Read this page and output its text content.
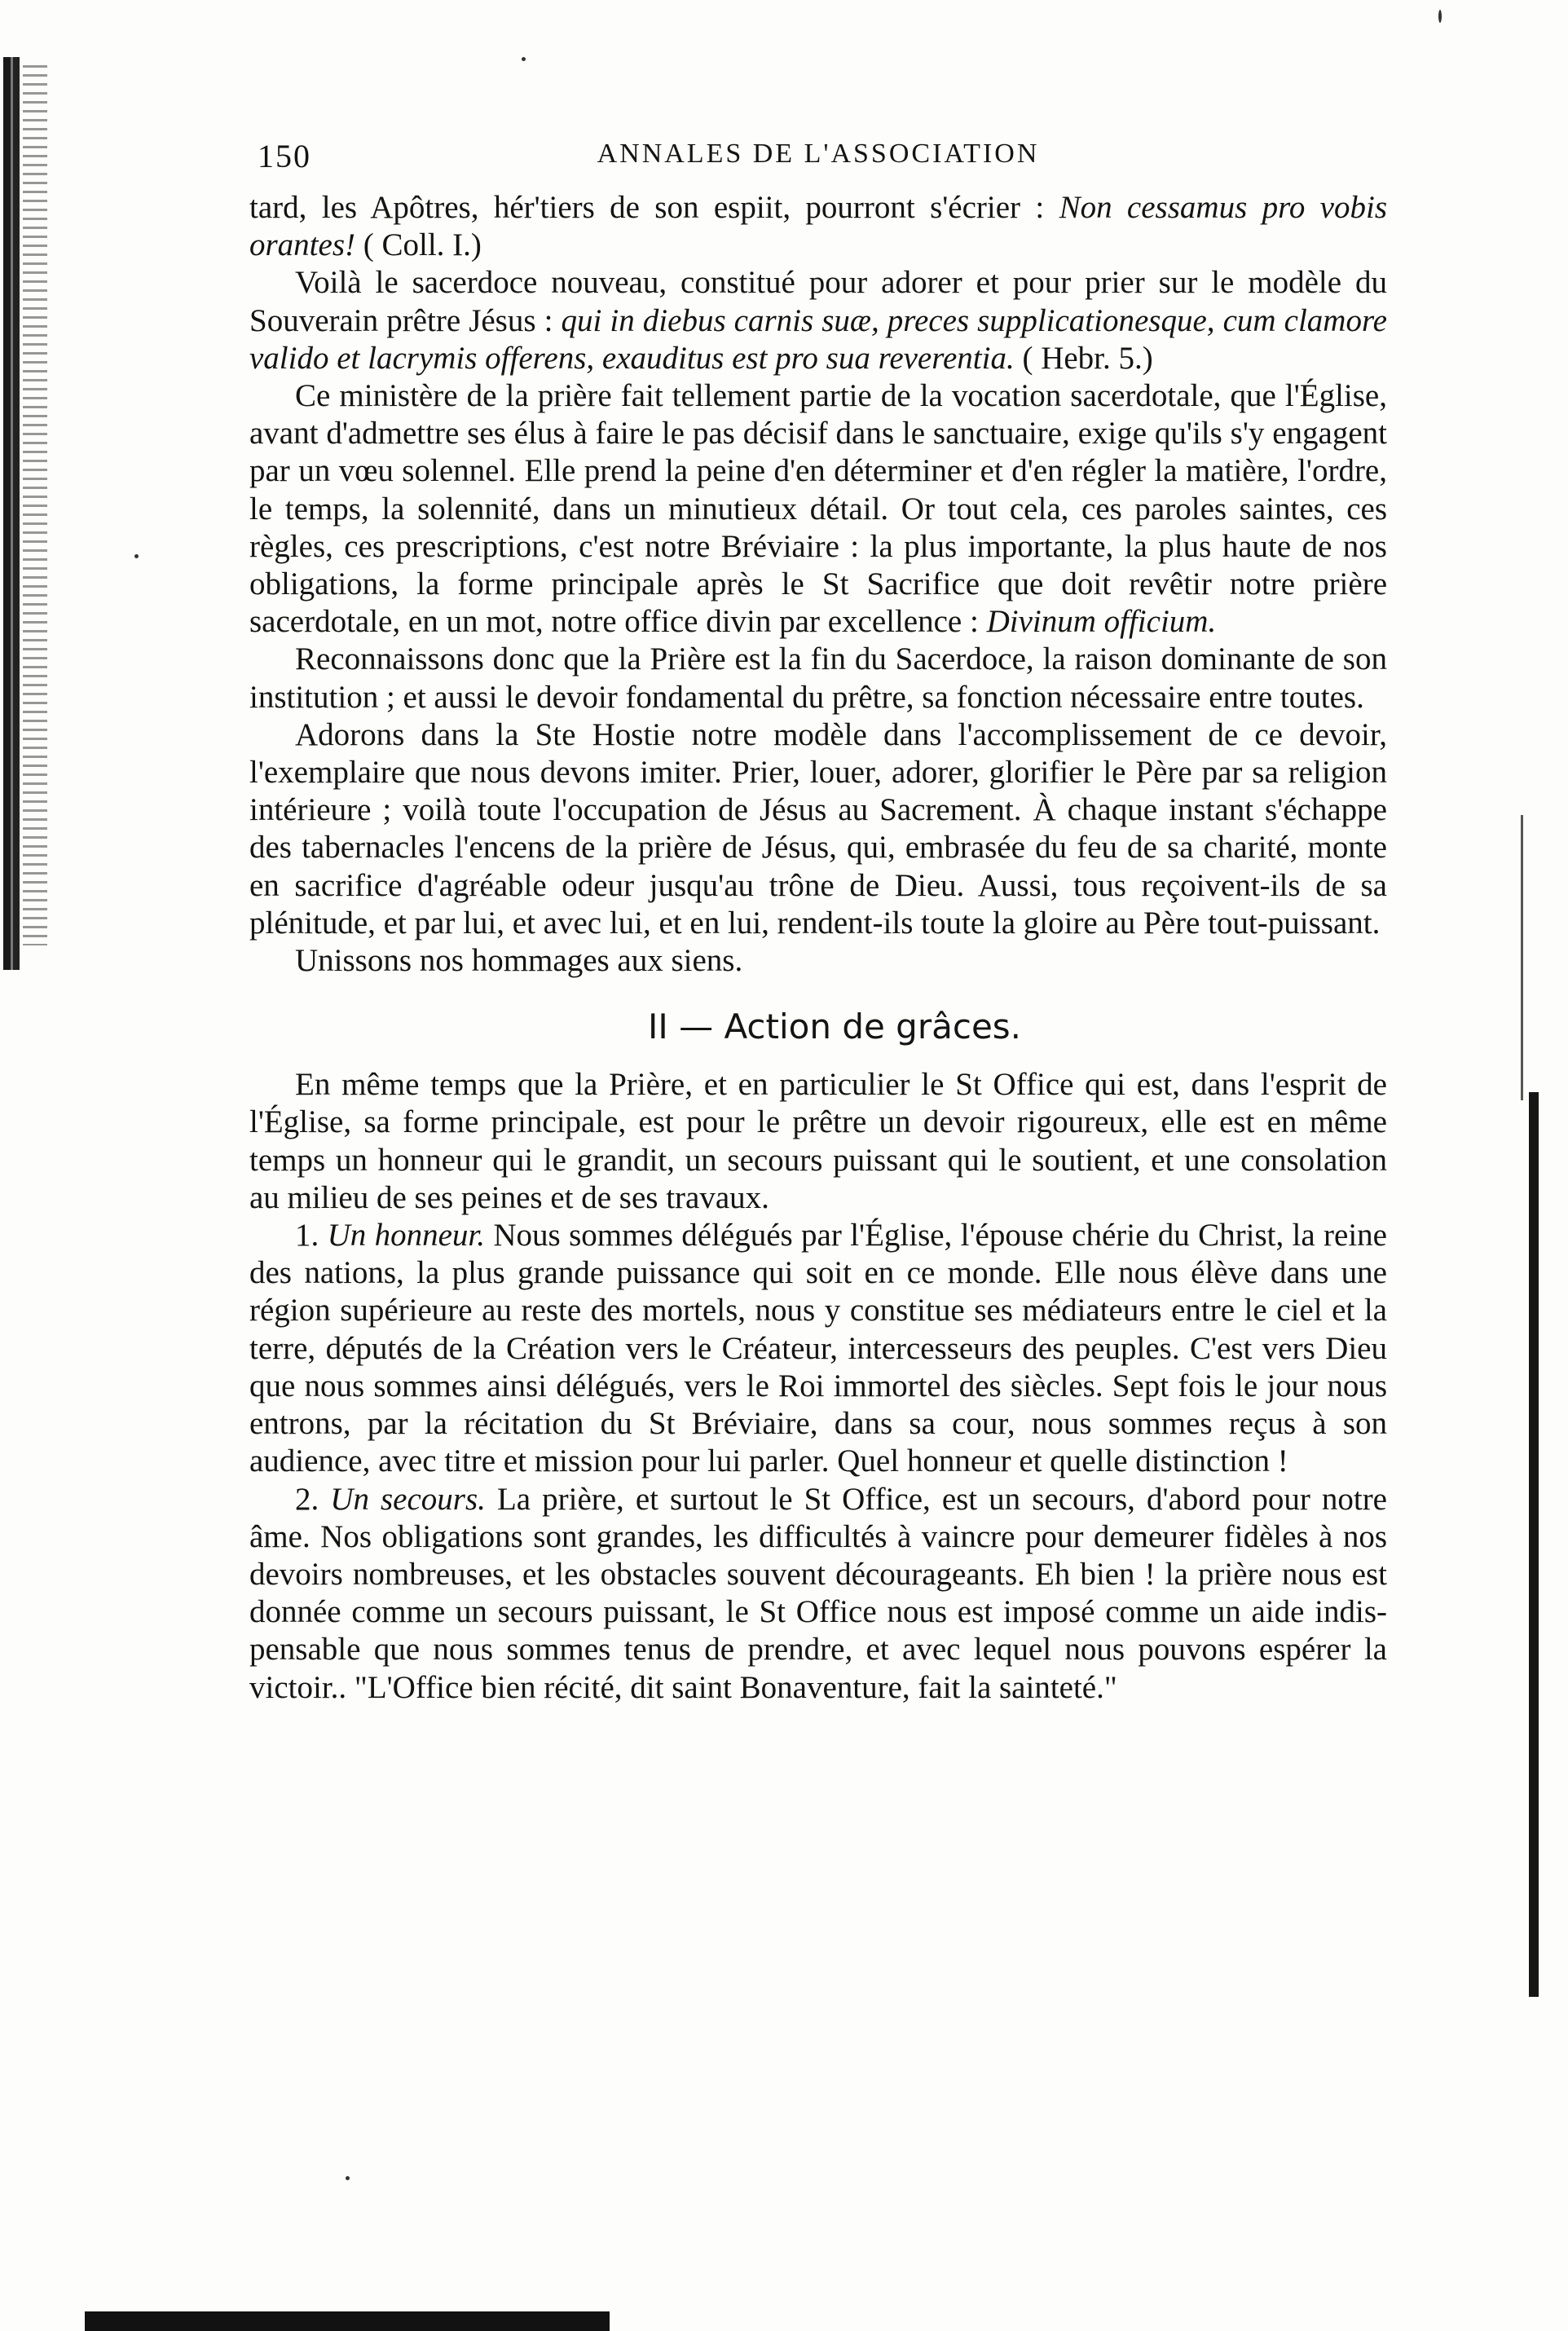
150	ANNALES DE L'ASSOCIATION

tard, les Apôtres, hér'tiers de son espiit, pourront s'écrier : Non cessamus pro vobis orantes! ( Coll. I.)

Voilà le sacerdoce nouveau, constitué pour adorer et pour prier sur le modèle du Souverain prêtre Jésus : qui in diebus carnis suæ, preces supplicationesque, cum clamore valido et lacrymis offerens, exauditus est pro sua reverentia. ( Hebr. 5.)

Ce ministère de la prière fait tellement partie de la vocation sacerdotale, que l'Église, avant d'admettre ses élus à faire le pas décisif dans le sanctuaire, exige qu'ils s'y engagent par un vœu solennel. Elle prend la peine d'en déterminer et d'en régler la matière, l'ordre, le temps, la solennité, dans un minutieux détail. Or tout cela, ces paroles saintes, ces règles, ces prescriptions, c'est notre Bréviaire : la plus importante, la plus haute de nos obligations, la forme principale après le St Sacrifice que doit revêtir notre prière sacerdotale, en un mot, notre office divin par excellence : Divinum officium.

Reconnaissons donc que la Prière est la fin du Sacerdoce, la raison dominante de son institution ; et aussi le devoir fondamental du prêtre, sa fonction nécessaire entre toutes.

Adorons dans la Ste Hostie notre modèle dans l'accomplissement de ce devoir, l'exemplaire que nous devons imiter. Prier, louer, adorer, glorifier le Père par sa religion intérieure ; voilà toute l'occupation de Jésus au Sacrement. À chaque instant s'échappe des tabernacles l'encens de la prière de Jésus, qui, embrasée du feu de sa charité, monte en sacrifice d'agréable odeur jusqu'au trône de Dieu. Aussi, tous reçoivent-ils de sa plénitude, et par lui, et avec lui, et en lui, rendent-ils toute la gloire au Père tout-puissant.

Unissons nos hommages aux siens.

II — Action de grâces.

En même temps que la Prière, et en particulier le St Office qui est, dans l'esprit de l'Église, sa forme principale, est pour le prêtre un devoir rigoureux, elle est en même temps un honneur qui le grandit, un secours puissant qui le soutient, et une consolation au milieu de ses peines et de ses travaux.

1. Un honneur. Nous sommes délégués par l'Église, l'épouse chérie du Christ, la reine des nations, la plus grande puissance qui soit en ce monde. Elle nous élève dans une région supérieure au reste des mortels, nous y constitue ses médiateurs entre le ciel et la terre, députés de la Création vers le Créateur, intercesseurs des peuples. C'est vers Dieu que nous sommes ainsi délégués, vers le Roi immortel des siècles. Sept fois le jour nous entrons, par la récitation du St Bréviaire, dans sa cour, nous sommes reçus à son audience, avec titre et mission pour lui parler. Quel honneur et quelle distinction !

2. Un secours. La prière, et surtout le St Office, est un secours, d'abord pour notre âme. Nos obligations sont grandes, les difficultés à vaincre pour demeurer fidèles à nos devoirs nombreuses, et les obstacles souvent décourageants. Eh bien ! la prière nous est donnée comme un secours puissant, le St Office nous est imposé comme un aide indispensable que nous sommes tenus de prendre, et avec lequel nous pouvons espérer la victoir.. "L'Office bien récité, dit saint Bonaventure, fait la sainteté."
